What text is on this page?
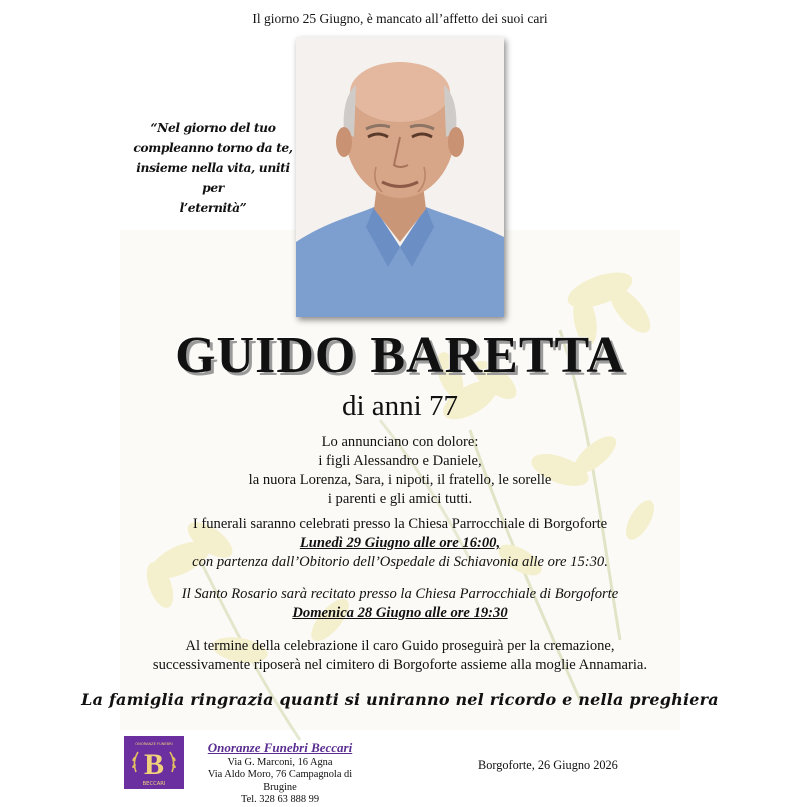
Il giorno 25 Giugno, è mancato all’affetto dei suoi cari
“Nel giorno del tuo
compleanno torno da te,
insieme nella vita, uniti per
l’eternità”
GUIDO BARETTA
di anni 77
Lo annunciano con dolore:
i figli Alessandro e Daniele,
la nuora Lorenza, Sara, i nipoti, il fratello, le sorelle
i parenti e gli amici tutti.
I funerali saranno celebrati presso la Chiesa Parrocchiale di Borgoforte
Lunedì 29 Giugno alle ore 16:00,
con partenza dall’Obitorio dell’Ospedale di Schiavonia alle ore 15:30.
Il Santo Rosario sarà recitato presso la Chiesa Parrocchiale di Borgoforte
Domenica 28 Giugno alle ore 19:30
Al termine della celebrazione il caro Guido proseguirà per la cremazione,
successivamente riposerà nel cimitero di Borgoforte assieme alla moglie Annamaria.
La famiglia ringrazia quanti si uniranno nel ricordo e nella preghiera
ONORANZE FUNEBRI
B
BECCARI
Onoranze Funebri Beccari
Via G. Marconi, 16 Agna
Via Aldo Moro, 76 Campagnola di Brugine
Tel. 328 63 888 99
Borgoforte, 26 Giugno 2026
